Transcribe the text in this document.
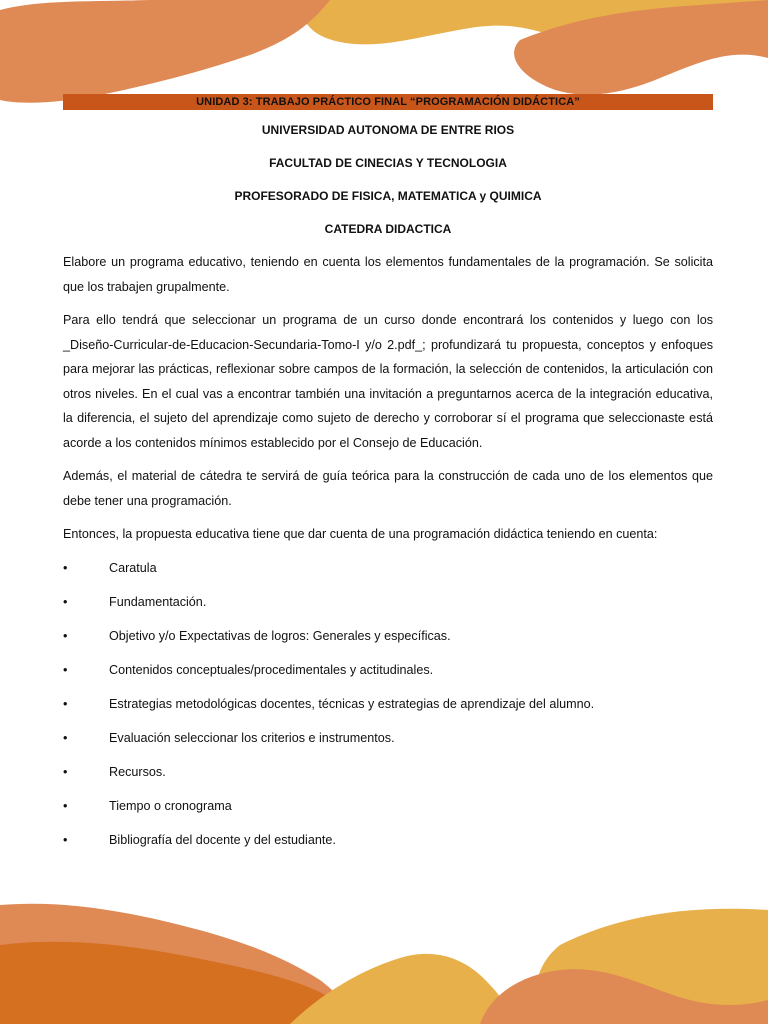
UNIDAD 3: TRABAJO PRÁCTICO FINAL “PROGRAMACIÓN DIDÁCTICA”

UNIVERSIDAD AUTONOMA DE ENTRE RIOS

FACULTAD DE CINECIAS Y TECNOLOGIA

PROFESORADO DE FISICA, MATEMATICA y QUIMICA

CATEDRA DIDACTICA

Elabore un programa educativo, teniendo en cuenta los elementos fundamentales de la programación. Se solicita que los trabajen grupalmente.

Para ello tendrá que seleccionar un programa de un curso donde encontrará los contenidos y luego con los _Diseño-Curricular-de-Educacion-Secundaria-Tomo-I y/o 2.pdf_; profundizará tu propuesta, conceptos y enfoques para mejorar las prácticas, reflexionar sobre campos de la formación, la selección de contenidos, la articulación con otros niveles. En el cual vas a encontrar también una invitación a preguntarnos acerca de la integración educativa, la diferencia, el sujeto del aprendizaje como sujeto de derecho y corroborar sí el programa que seleccionaste está acorde a los contenidos mínimos establecido por el Consejo de Educación.

Además, el material de cátedra te servirá de guía teórica para la construcción de cada uno de los elementos que debe tener una programación.

Entonces, la propuesta educativa tiene que dar cuenta de una programación didáctica teniendo en cuenta:

•	Caratula
•	Fundamentación.
•	Objetivo y/o Expectativas de logros: Generales y específicas.
•	Contenidos conceptuales/procedimentales y actitudinales.
•	Estrategias metodológicas docentes, técnicas y estrategias de aprendizaje del alumno.
•	Evaluación seleccionar los criterios e instrumentos.
•	Recursos.
•	Tiempo o cronograma
•	Bibliografía del docente y del estudiante.
